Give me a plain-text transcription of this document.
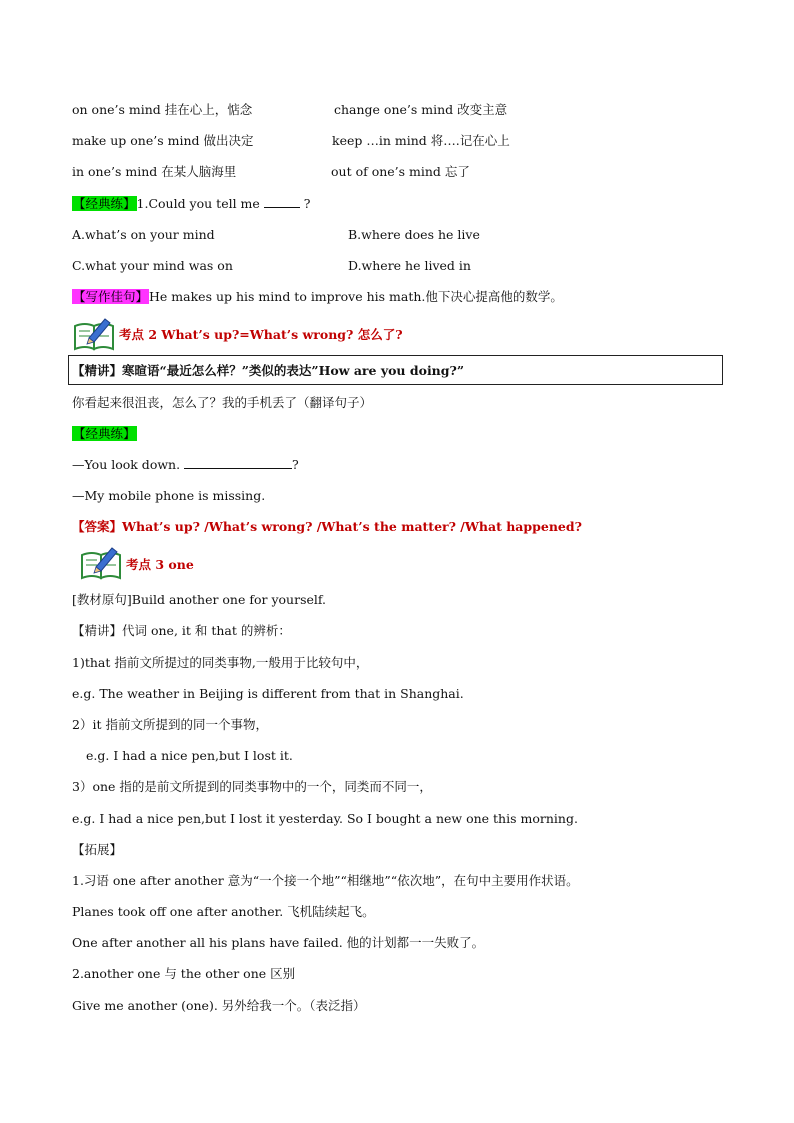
on one’s mind 挂在心上，惦念	change one’s mind 改变主意
make up one’s mind 做出决定	keep …in mind 将….记在心上
in one’s mind 在某人脑海里	out of one’s mind 忘了
【经典练】1.Could you tell me	?
A.what’s on your mind	B.where does he live
C.what your mind was on	D.where he lived in
【写作佳句】He makes up his mind to improve his math.他下决心提高他的数学。
考点 2 What’s up?=What’s wrong? 怎么了?
【精讲】寒暄语“最近怎么样？”类似的表达”How are you doing?”
你看起来很沮丧，怎么了？我的手机丢了（翻译句子）
【经典练】
—You look down.	?
—My mobile phone is missing.
【答案】What’s up? /What’s wrong? /What’s the matter? /What happened?
考点 3 one
[教材原句]Build another one for yourself.
【精讲】代词 one, it 和 that 的辨析：
1)that 指前文所提过的同类事物,一般用于比较句中，
e.g. The weather in Beijing is different from that in Shanghai.
2）it 指前文所提到的同一个事物，
e.g. I had a nice pen,but I lost it.
3）one 指的是前文所提到的同类事物中的一个，同类而不同一，
e.g. I had a nice pen,but I lost it yesterday. So I bought a new one this morning.
【拓展】
1.习语 one after another 意为“一个接一个地”“相继地”“依次地”，在句中主要用作状语。
Planes took off one after another. 飞机陆续起飞。
One after another all his plans have failed. 他的计划都一一失败了。
2.another one 与 the other one 区别
Give me another (one). 另外给我一个。（表泛指）
